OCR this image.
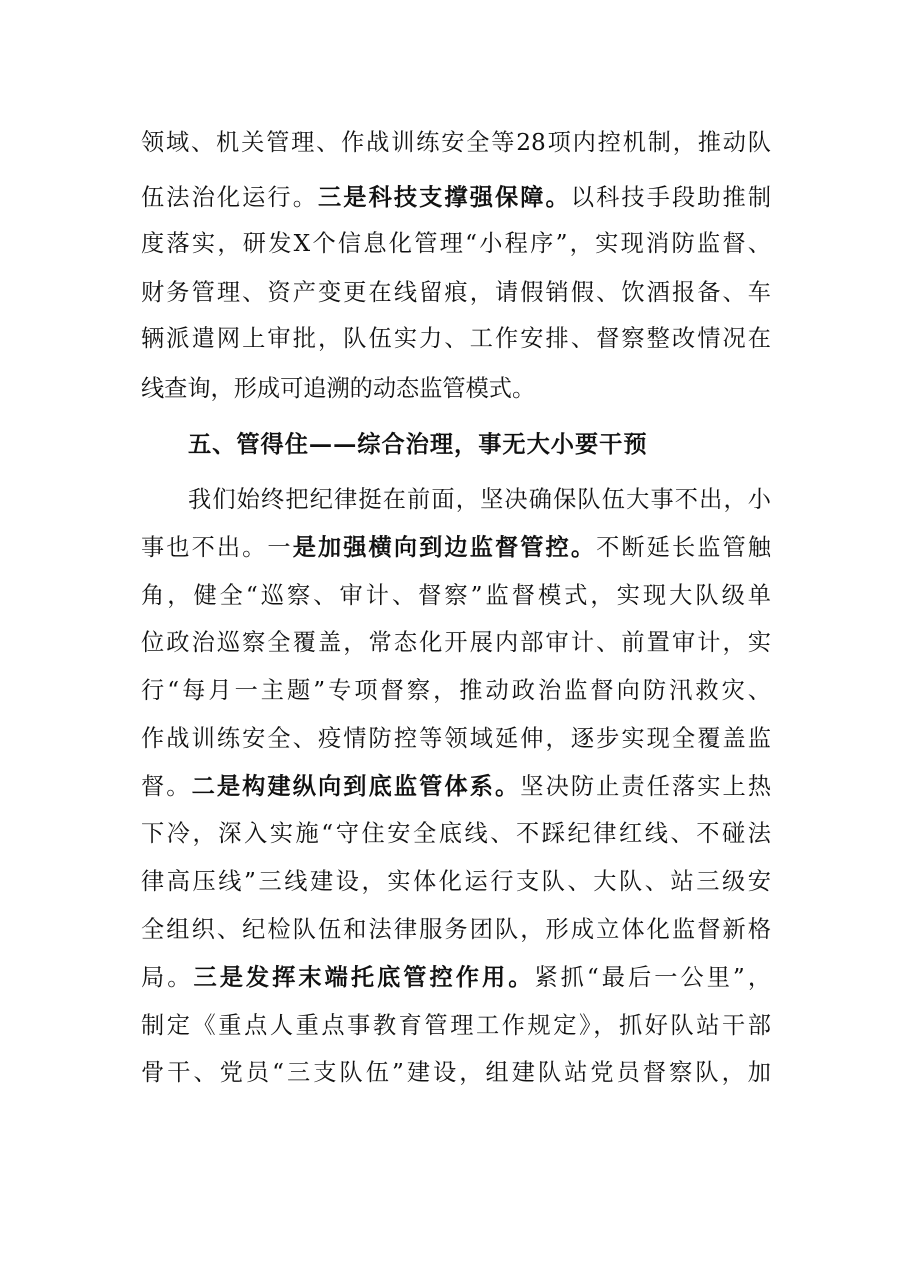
领域、机关管理、作战训练安全等28项内控机制，推动队
伍法治化运行。三是科技支撑强保障。以科技手段助推制
度落实，研发X个信息化管理“小程序”，实现消防监督、
财务管理、资产变更在线留痕，请假销假、饮酒报备、车
辆派遣网上审批，队伍实力、工作安排、督察整改情况在
线查询，形成可追溯的动态监管模式。
五、管得住——综合治理，事无大小要干预
我们始终把纪律挺在前面，坚决确保队伍大事不出，小
事也不出。一是加强横向到边监督管控。不断延长监管触
角，健全“巡察、审计、督察”监督模式，实现大队级单
位政治巡察全覆盖，常态化开展内部审计、前置审计，实
行“每月一主题”专项督察，推动政治监督向防汛救灾、
作战训练安全、疫情防控等领域延伸，逐步实现全覆盖监
督。二是构建纵向到底监管体系。坚决防止责任落实上热
下冷，深入实施“守住安全底线、不踩纪律红线、不碰法
律高压线”三线建设，实体化运行支队、大队、站三级安
全组织、纪检队伍和法律服务团队，形成立体化监督新格
局。三是发挥末端托底管控作用。紧抓“最后一公里”，
制定《重点人重点事教育管理工作规定》，抓好队站干部
骨干、党员“三支队伍”建设，组建队站党员督察队，加
